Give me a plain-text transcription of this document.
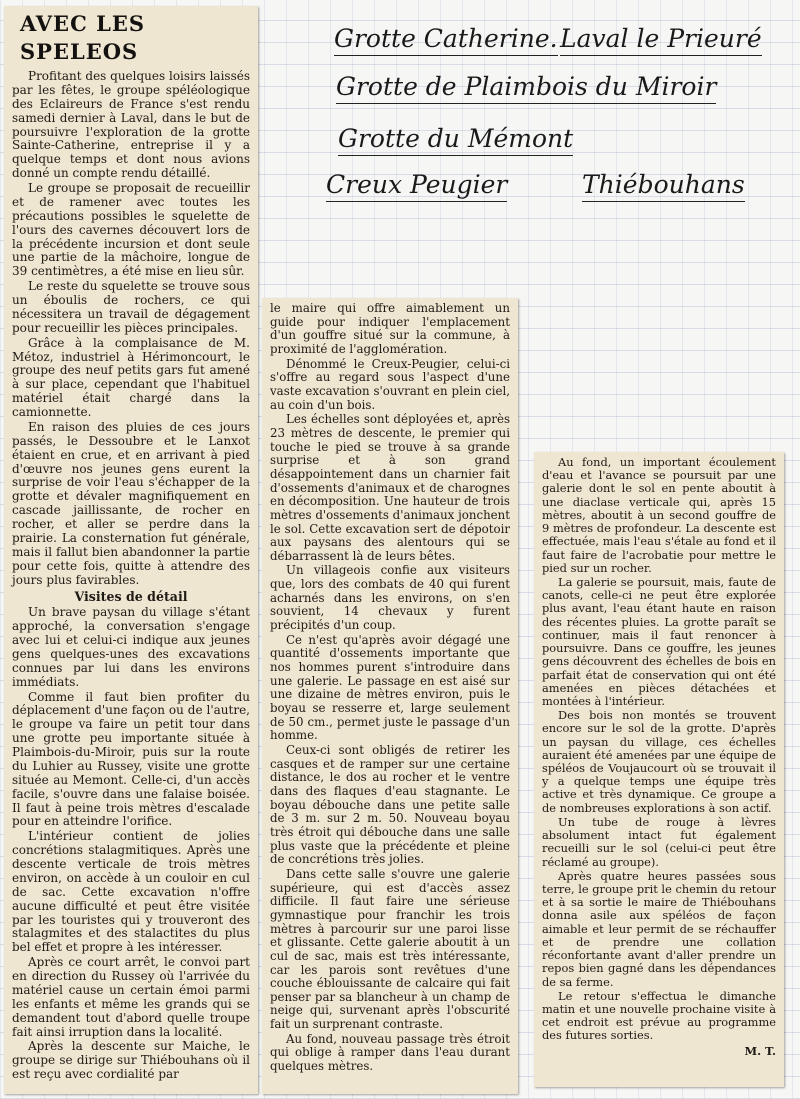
Grotte Catherine. Laval le Prieuré
Grotte de Plaimbois du Miroir
Grotte du Mémont
Creux Peugier	Thiébouhans
AVEC LES SPELEOS

Profitant des quelques loisirs laissés par les fêtes, le groupe spéléologique des Eclaireurs de France s'est rendu samedi dernier à Laval, dans le but de poursuivre l'exploration de la grotte Sainte-Catherine, entreprise il y a quelque temps et dont nous avions donné un compte rendu détaillé.

Le groupe se proposait de recueillir et de ramener avec toutes les précautions possibles le squelette de l'ours des cavernes découvert lors de la précédente incursion et dont seule une partie de la mâchoire, longue de 39 centimètres, a été mise en lieu sûr.

Le reste du squelette se trouve sous un éboulis de rochers, ce qui nécessitera un travail de dégagement pour recueillir les pièces principales.

Grâce à la complaisance de M. Métoz, industriel à Hérimoncourt, le groupe des neuf petits gars fut amené à sur place, cependant que l'habituel matériel était chargé dans la camionnette.

En raison des pluies de ces jours passés, le Dessoubre et le Lanxot étaient en crue, et en arrivant à pied d'œuvre nos jeunes gens eurent la surprise de voir l'eau s'échapper de la grotte et dévaler magnifiquement en cascade jaillissante, de rocher en rocher, et aller se perdre dans la prairie. La consternation fut générale, mais il fallut bien abandonner la partie pour cette fois, quitte à attendre des jours plus favirables.

Visites de détail

Un brave paysan du village s'étant approché, la conversation s'engage avec lui et celui-ci indique aux jeunes gens quelques-unes des excavations connues par lui dans les environs immédiats.

Comme il faut bien profiter du déplacement d'une façon ou de l'autre, le groupe va faire un petit tour dans une grotte peu importante située à Plaimbois-du-Miroir, puis sur la route du Luhier au Russey, visite une grotte située au Memont. Celle-ci, d'un accès facile, s'ouvre dans une falaise boisée. Il faut à peine trois mètres d'escalade pour en atteindre l'orifice.

L'intérieur contient de jolies concrétions stalagmitiques. Après une descente verticale de trois mètres environ, on accède à un couloir en cul de sac. Cette excavation n'offre aucune difficulté et peut être visitée par les touristes qui y trouveront des stalagmites et des stalactites du plus bel effet et propre à les intéresser.

Après ce court arrêt, le convoi part en direction du Russey où l'arrivée du matériel cause un certain émoi parmi les enfants et même les grands qui se demandent tout d'abord quelle troupe fait ainsi irruption dans la localité.

Après la descente sur Maiche, le groupe se dirige sur Thiébouhans où il est reçu avec cordialité par

le maire qui offre aimablement un guide pour indiquer l'emplacement d'un gouffre situé sur la commune, à proximité de l'agglomération.

Dénommé le Creux-Peugier, celui-ci s'offre au regard sous l'aspect d'une vaste excavation s'ouvrant en plein ciel, au coin d'un bois.

Les échelles sont déployées et, après 23 mètres de descente, le premier qui touche le pied se trouve à sa grande surprise et à son grand désappointement dans un charnier fait d'ossements d'animaux et de charognes en décomposition. Une hauteur de trois mètres d'ossements d'animaux jonchent le sol. Cette excavation sert de dépotoir aux paysans des alentours qui se débarrassent là de leurs bêtes.

Un villageois confie aux visiteurs que, lors des combats de 40 qui furent acharnés dans les environs, on s'en souvient, 14 chevaux y furent précipités d'un coup.

Ce n'est qu'après avoir dégagé une quantité d'ossements importante que nos hommes purent s'introduire dans une galerie. Le passage en est aisé sur une dizaine de mètres environ, puis le boyau se resserre et, large seulement de 50 cm., permet juste le passage d'un homme.

Ceux-ci sont obligés de retirer les casques et de ramper sur une certaine distance, le dos au rocher et le ventre dans des flaques d'eau stagnante. Le boyau débouche dans une petite salle de 3 m. sur 2 m. 50. Nouveau boyau très étroit qui débouche dans une salle plus vaste que la précédente et pleine de concrétions très jolies.

Dans cette salle s'ouvre une galerie supérieure, qui est d'accès assez difficile. Il faut faire une sérieuse gymnastique pour franchir les trois mètres à parcourir sur une paroi lisse et glissante. Cette galerie aboutit à un cul de sac, mais est très intéressante, car les parois sont revêtues d'une couche éblouissante de calcaire qui fait penser par sa blancheur à un champ de neige qui, survenant après l'obscurité fait un surprenant contraste.

Au fond, nouveau passage très étroit qui oblige à ramper dans l'eau durant quelques mètres.

Au fond, un important écoulement d'eau et l'avance se poursuit par une galerie dont le sol en pente aboutit à une diaclase verticale qui, après 15 mètres, aboutit à un second gouffre de 9 mètres de profondeur. La descente est effectuée, mais l'eau s'étale au fond et il faut faire de l'acrobatie pour mettre le pied sur un rocher.

La galerie se poursuit, mais, faute de canots, celle-ci ne peut être explorée plus avant, l'eau étant haute en raison des récentes pluies. La grotte paraît se continuer, mais il faut renoncer à poursuivre. Dans ce gouffre, les jeunes gens découvrent des échelles de bois en parfait état de conservation qui ont été amenées en pièces détachées et montées à l'intérieur.

Des bois non montés se trouvent encore sur le sol de la grotte. D'après un paysan du village, ces échelles auraient été amenées par une équipe de spéléos de Voujaucourt où se trouvait il y a quelque temps une équipe très active et très dynamique. Ce groupe a de nombreuses explorations à son actif.

Un tube de rouge à lèvres absolument intact fut également recueilli sur le sol (celui-ci peut être réclamé au groupe).

Après quatre heures passées sous terre, le groupe prit le chemin du retour et à sa sortie le maire de Thiébouhans donna asile aux spéléos de façon aimable et leur permit de se réchauffer et de prendre une collation réconfortante avant d'aller prendre un repos bien gagné dans les dépendances de sa ferme.

Le retour s'effectua le dimanche matin et une nouvelle prochaine visite à cet endroit est prévue au programme des futures sorties.

M. T.
